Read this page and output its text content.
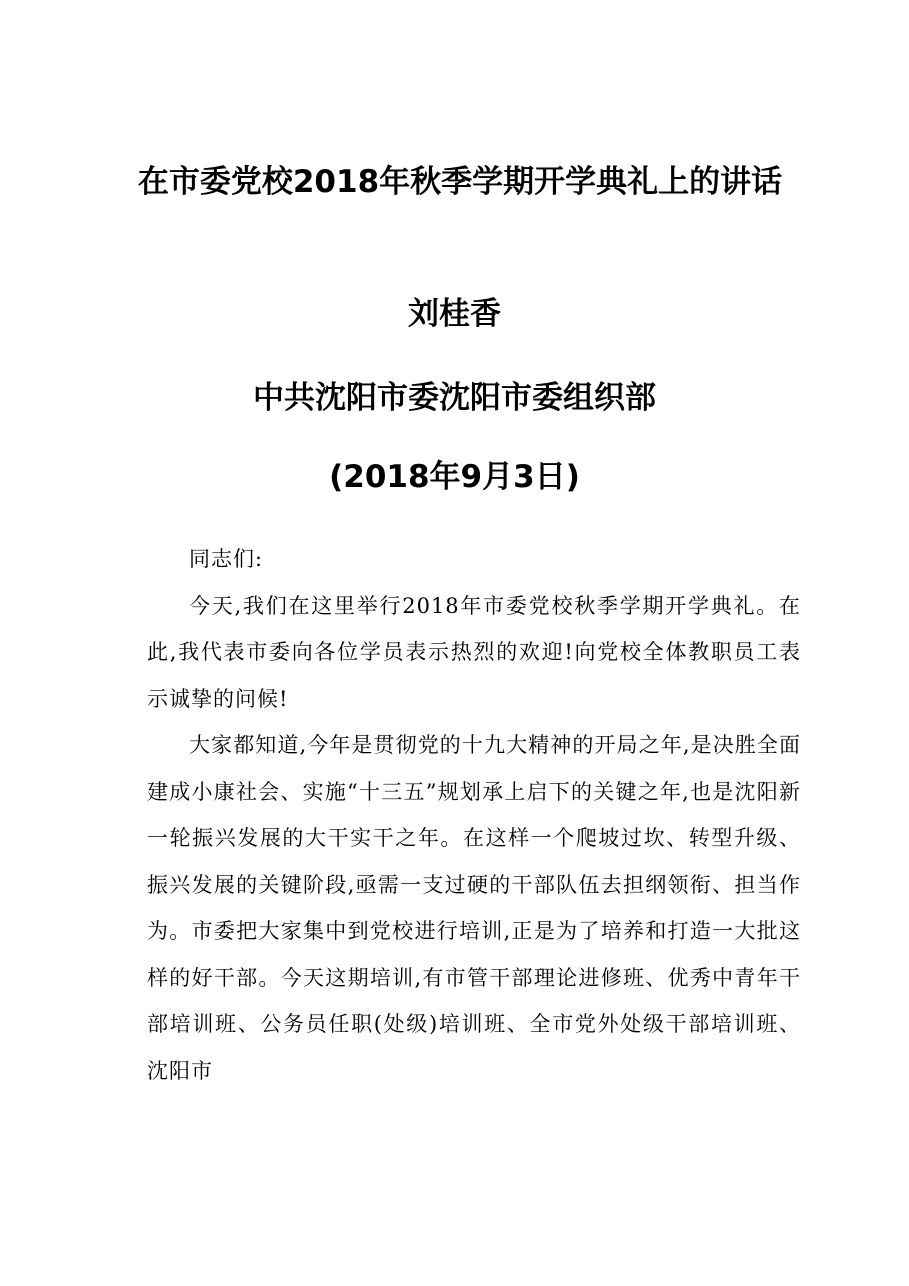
在市委党校2018年秋季学期开学典礼上的讲话
刘桂香
中共沈阳市委沈阳市委组织部
(2018年9月3日)

同志们:

今天,我们在这里举行2018年市委党校秋季学期开学典礼。在此,我代表市委向各位学员表示热烈的欢迎!向党校全体教职员工表示诚挚的问候!

大家都知道,今年是贯彻党的十九大精神的开局之年,是决胜全面建成小康社会、实施“十三五”规划承上启下的关键之年,也是沈阳新一轮振兴发展的大干实干之年。在这样一个爬坡过坎、转型升级、振兴发展的关键阶段,亟需一支过硬的干部队伍去担纲领衔、担当作为。市委把大家集中到党校进行培训,正是为了培养和打造一大批这样的好干部。今天这期培训,有市管干部理论进修班、优秀中青年干部培训班、公务员任职(处级)培训班、全市党外处级干部培训班、沈阳市
